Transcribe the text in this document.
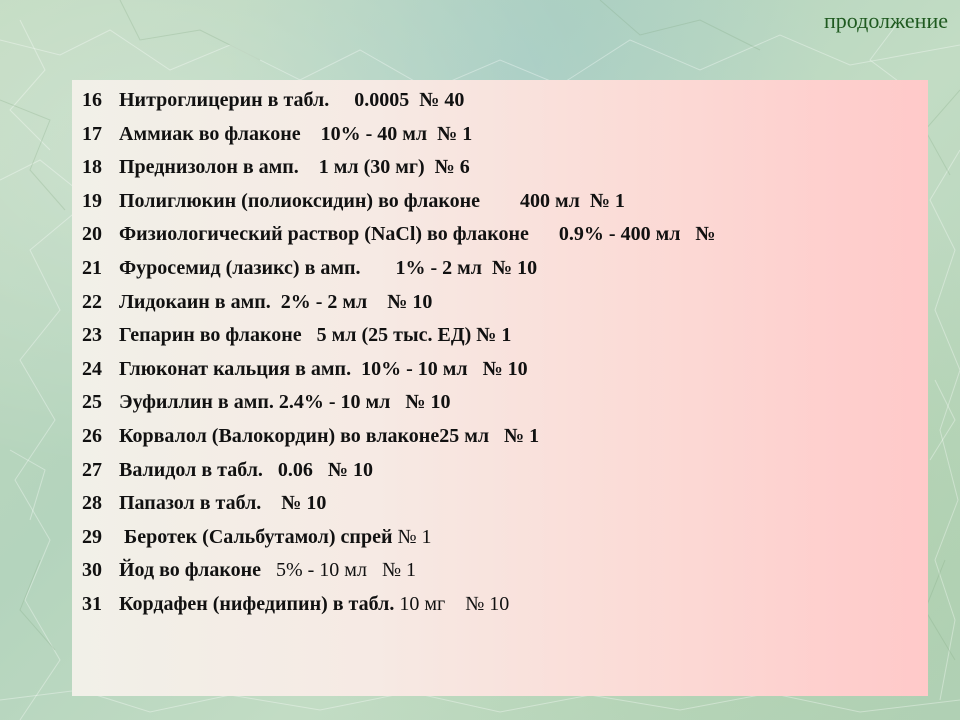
продолжение
16 Нитроглицерин в табл.     0.0005  № 40
17 Аммиак во флаконе    10% - 40 мл  № 1
18 Преднизолон в амп.    1 мл (30 мг)  № 6
19 Полиглюкин (полиоксидин) во флаконе        400 мл  № 1
20 Физиологический раствор (NaCl) во флаконе      0.9% - 400 мл   №
21 Фуросемид (лазикс) в амп.       1% - 2 мл  № 10
22 Лидокаин в амп.  2% - 2 мл    № 10
23 Гепарин во флаконе   5 мл (25 тыс. ЕД) № 1
24 Глюконат кальция в амп.  10% - 10 мл   № 10
25 Эуфиллин в амп. 2.4% - 10 мл   № 10
26 Корвалол (Валокордин) во влаконе25 мл   № 1
27 Валидол в табл.   0.06   № 10
28 Папазол в табл.    № 10
29 Беротек (Сальбутамол) спрей № 1
30 Йод во флаконе 5% - 10 мл   № 1
31 Кордафен (нифедипин) в табл. 10 мг    № 10
